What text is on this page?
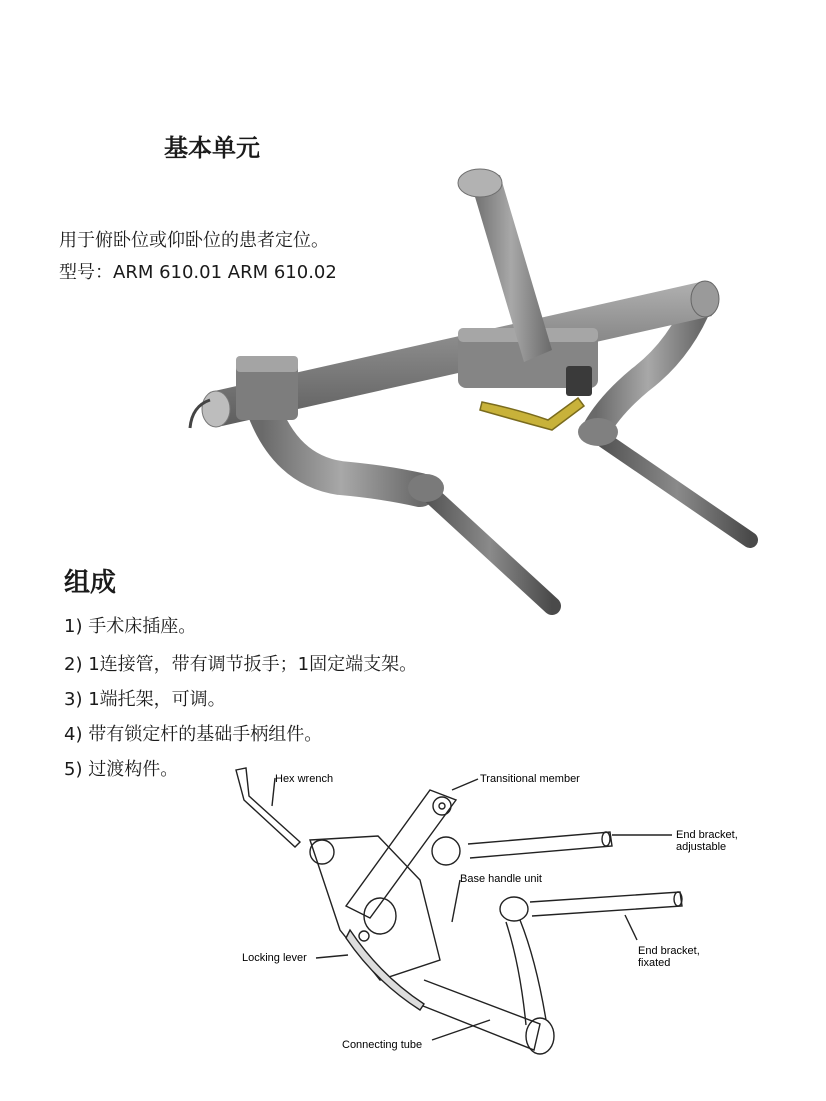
基本单元
用于俯卧位或仰卧位的患者定位。
型号：ARM 610.01 ARM 610.02
组成
1) 手术床插座。
2) 1连接管，带有调节扳手；1固定端支架。
3) 1端托架，可调。
4) 带有锁定杆的基础手柄组件。
5) 过渡构件。	Hex wrench	Transitional member
End bracket,
adjustable
Base handle unit
End bracket,
fixated
Locking lever
Connecting tube
